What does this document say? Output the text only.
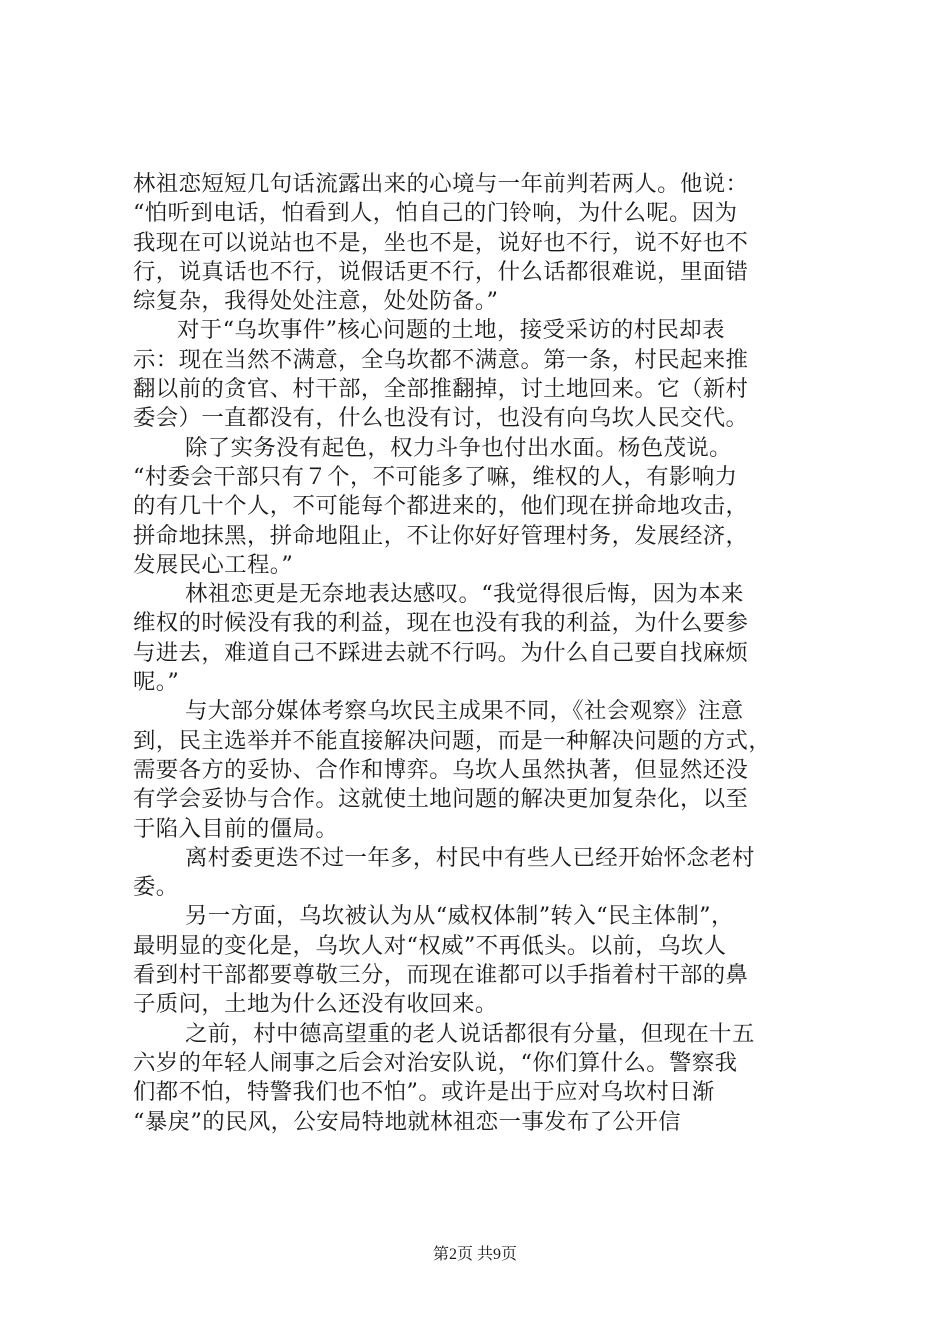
林祖恋短短几句话流露出来的心境与一年前判若两人。他说：
“怕听到电话，怕看到人，怕自己的门铃响，为什么呢。因为
我现在可以说站也不是，坐也不是，说好也不行，说不好也不
行，说真话也不行，说假话更不行，什么话都很难说，里面错
综复杂，我得处处注意，处处防备。”
对于“乌坎事件”核心问题的土地，接受采访的村民却表
示：现在当然不满意，全乌坎都不满意。第一条，村民起来推
翻以前的贪官、村干部，全部推翻掉，讨土地回来。它（新村
委会）一直都没有，什么也没有讨，也没有向乌坎人民交代。
除了实务没有起色，权力斗争也付出水面。杨色茂说。
“村委会干部只有７个，不可能多了嘛，维权的人，有影响力
的有几十个人，不可能每个都进来的，他们现在拼命地攻击，
拼命地抹黑，拼命地阻止，不让你好好管理村务，发展经济，
发展民心工程。”
林祖恋更是无奈地表达感叹。“我觉得很后悔，因为本来
维权的时候没有我的利益，现在也没有我的利益，为什么要参
与进去，难道自己不踩进去就不行吗。为什么自己要自找麻烦
呢。”
与大部分媒体考察乌坎民主成果不同，《社会观察》注意
到，民主选举并不能直接解决问题，而是一种解决问题的方式，
需要各方的妥协、合作和博弈。乌坎人虽然执著，但显然还没
有学会妥协与合作。这就使土地问题的解决更加复杂化，以至
于陷入目前的僵局。
离村委更迭不过一年多，村民中有些人已经开始怀念老村
委。
另一方面，乌坎被认为从“威权体制”转入“民主体制”，
最明显的变化是，乌坎人对“权威”不再低头。以前，乌坎人
看到村干部都要尊敬三分，而现在谁都可以手指着村干部的鼻
子质问，土地为什么还没有收回来。
之前，村中德高望重的老人说话都很有分量，但现在十五
六岁的年轻人闹事之后会对治安队说，“你们算什么。警察我
们都不怕，特警我们也不怕”。或许是出于应对乌坎村日渐
“暴戾”的民风，公安局特地就林祖恋一事发布了公开信
第2页 共9页
